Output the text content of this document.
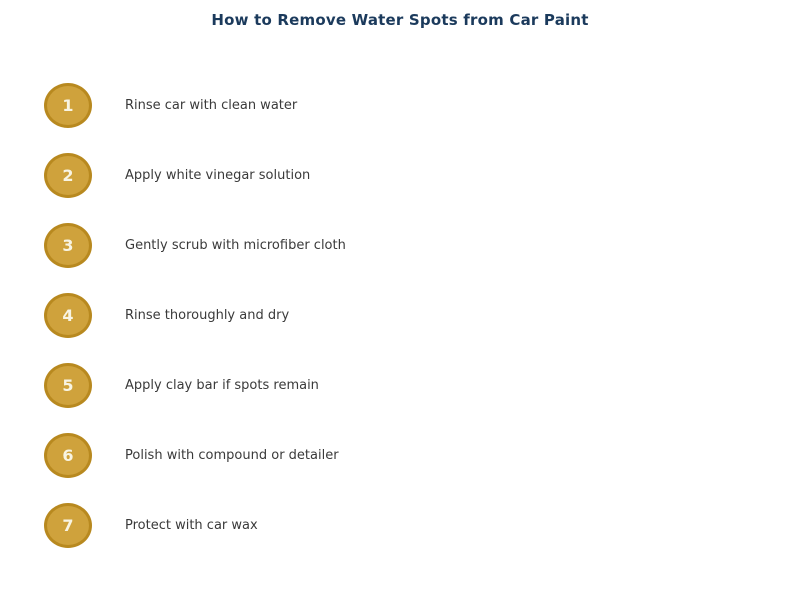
How to Remove Water Spots from Car Paint
1	Rinse car with clean water
2	Apply white vinegar solution
3	Gently scrub with microfiber cloth
4	Rinse thoroughly and dry
5	Apply clay bar if spots remain
6	Polish with compound or detailer
7	Protect with car wax
